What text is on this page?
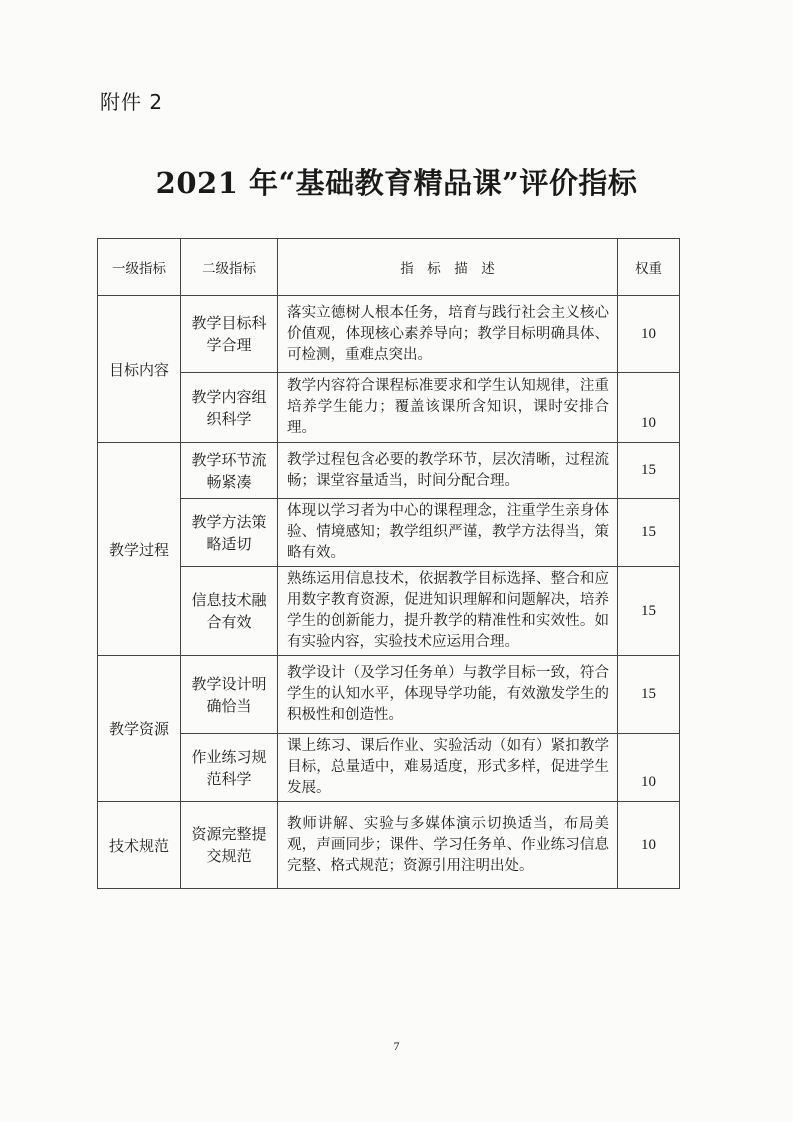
附件 2
2021 年“基础教育精品课”评价指标
一级指标	二级指标	指　标　描　述	权重
目标内容	教学目标科学合理	落实立德树人根本任务，培育与践行社会主义核心价值观，体现核心素养导向；教学目标明确具体、可检测，重难点突出。	10
	教学内容组织科学	教学内容符合课程标准要求和学生认知规律，注重培养学生能力；覆盖该课所含知识，课时安排合理。	10
教学过程	教学环节流畅紧凑	教学过程包含必要的教学环节，层次清晰，过程流畅；课堂容量适当，时间分配合理。	15
	教学方法策略适切	体现以学习者为中心的课程理念，注重学生亲身体验、情境感知；教学组织严谨，教学方法得当，策略有效。	15
	信息技术融合有效	熟练运用信息技术，依据教学目标选择、整合和应用数字教育资源，促进知识理解和问题解决，培养学生的创新能力，提升教学的精准性和实效性。如有实验内容，实验技术应运用合理。	15
教学资源	教学设计明确恰当	教学设计（及学习任务单）与教学目标一致，符合学生的认知水平，体现导学功能，有效激发学生的积极性和创造性。	15
	作业练习规范科学	课上练习、课后作业、实验活动（如有）紧扣教学目标，总量适中，难易适度，形式多样，促进学生发展。	10
技术规范	资源完整提交规范	教师讲解、实验与多媒体演示切换适当，布局美观，声画同步；课件、学习任务单、作业练习信息完整、格式规范；资源引用注明出处。	10
7
